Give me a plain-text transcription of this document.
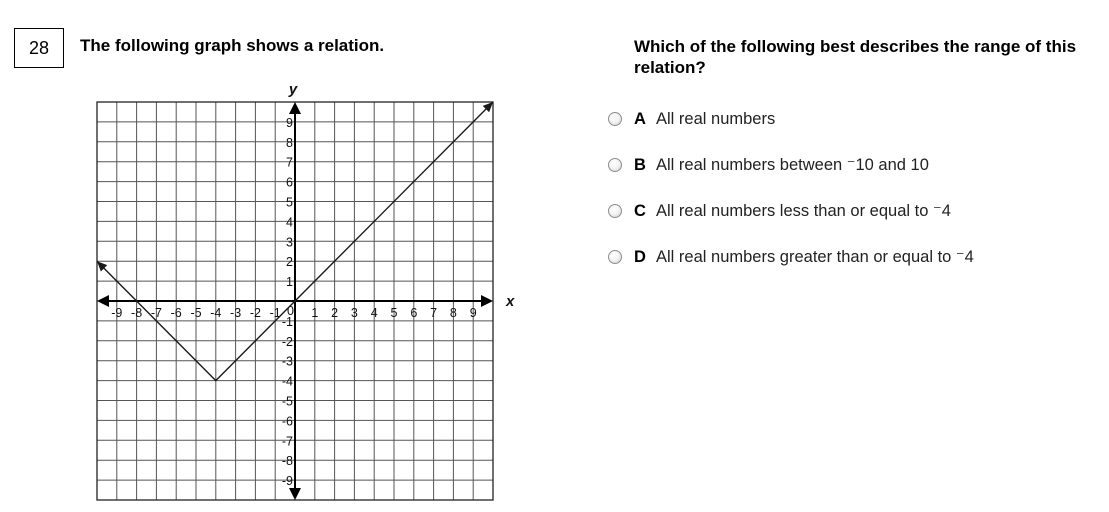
28	The following graph shows a relation.	Which of the following best describes the range of this relation?
A All real numbers
B All real numbers between ⁻10 and 10
C All real numbers less than or equal to ⁻4
D All real numbers greater than or equal to ⁻4
-9 -8 -7 -6 -5 -4 -3 -2 -1 1 2 3 4 5 6 7 8 9
0
9
8
7
6
5
4
3
2
1
-1
-2
-3
-4
-5
-6
-7
-8
-9
x
y
